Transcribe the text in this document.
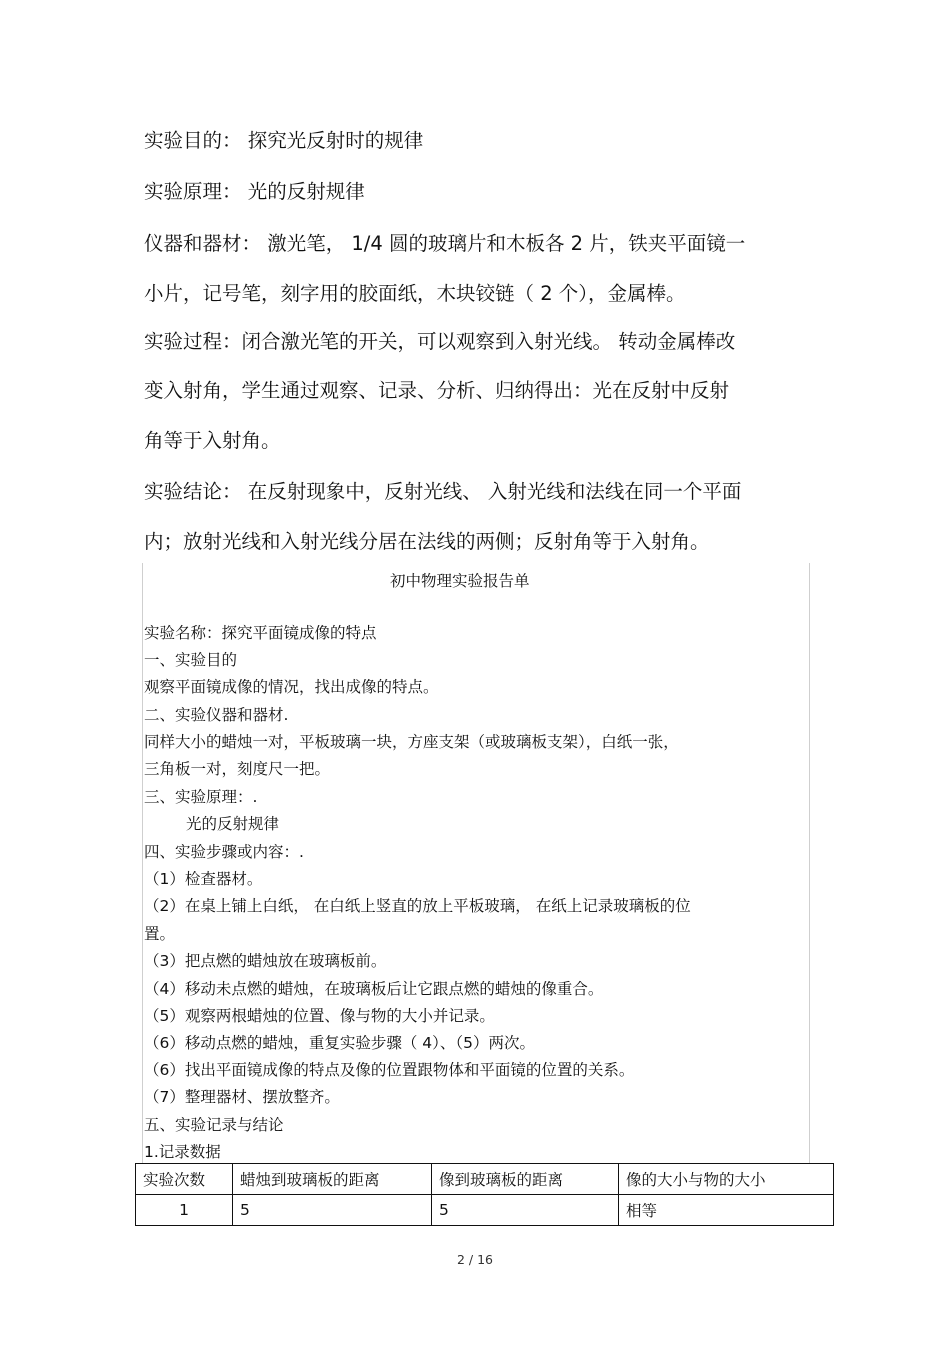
实验目的： 探究光反射时的规律
实验原理： 光的反射规律
仪器和器材： 激光笔， 1/4 圆的玻璃片和木板各 2 片，铁夹平面镜一
小片，记号笔，刻字用的胶面纸，木块铰链（ 2 个），金属棒。
实验过程：闭合激光笔的开关，可以观察到入射光线。 转动金属棒改
变入射角，学生通过观察、记录、分析、归纳得出：光在反射中反射
角等于入射角。
实验结论： 在反射现象中，反射光线、 入射光线和法线在同一个平面
内；放射光线和入射光线分居在法线的两侧；反射角等于入射角。
初中物理实验报告单
实验名称：探究平面镜成像的特点
一、实验目的
观察平面镜成像的情况，找出成像的特点。
二、实验仪器和器材.
同样大小的蜡烛一对，平板玻璃一块，方座支架（或玻璃板支架），白纸一张，
三角板一对，刻度尺一把。
三、实验原理：.
光的反射规律
四、实验步骤或内容：.
（1）检查器材。
（2）在桌上铺上白纸， 在白纸上竖直的放上平板玻璃， 在纸上记录玻璃板的位
置。
（3）把点燃的蜡烛放在玻璃板前。
（4）移动未点燃的蜡烛，在玻璃板后让它跟点燃的蜡烛的像重合。
（5）观察两根蜡烛的位置、像与物的大小并记录。
（6）移动点燃的蜡烛，重复实验步骤（ 4）、（5）两次。
（6）找出平面镜成像的特点及像的位置跟物体和平面镜的位置的关系。
（7）整理器材、摆放整齐。
五、实验记录与结论
1.记录数据
实验次数	蜡烛到玻璃板的距离	像到玻璃板的距离	像的大小与物的大小
1	5	5	相等
2 / 16
